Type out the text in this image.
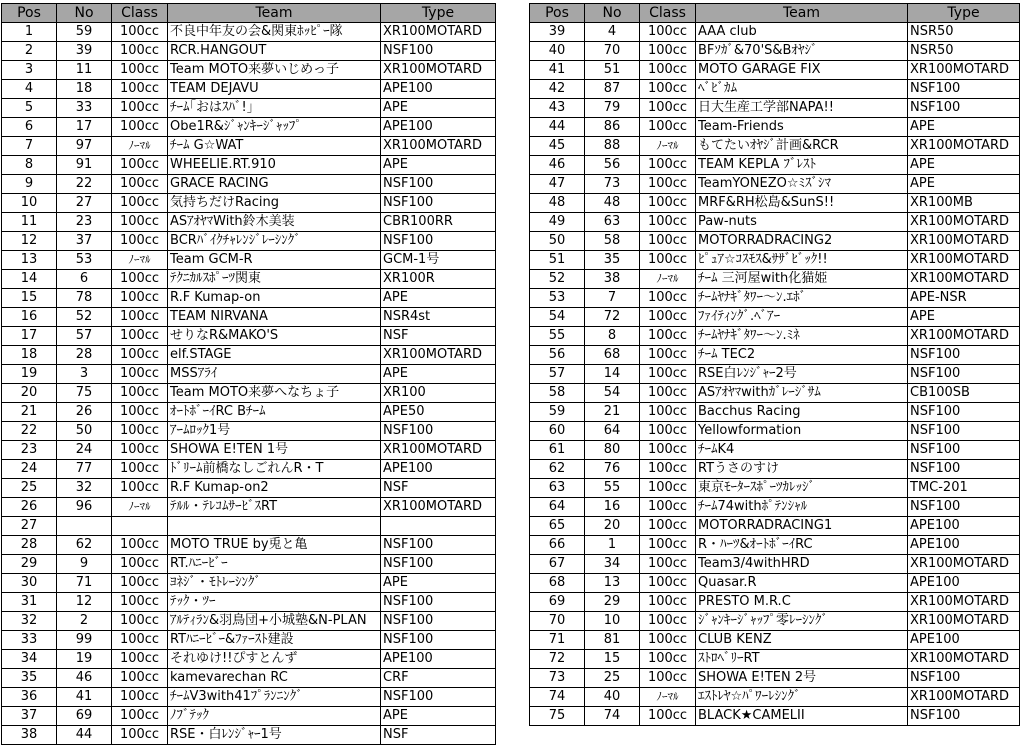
Pos	No	Class	Team	Type
1	59	100cc	不良中年友の会&関東ﾎｯﾋﾟｰ隊	XR100MOTARD
2	39	100cc	RCR.HANGOUT	NSF100
3	11	100cc	Team MOTO来夢いじめっ子	XR100MOTARD
4	18	100cc	TEAM DEJAVU	APE100
5	33	100cc	ﾁｰﾑ｢おはｽﾊﾞ!｣	APE
6	17	100cc	Obe1R&ｼﾞｬﾝｷｰｼﾞｬｯﾌﾟ	APE100
7	97	ﾉｰﾏﾙ	ﾁｰﾑ G☆WAT	XR100MOTARD
8	91	100cc	WHEELIE.RT.910	APE
9	22	100cc	GRACE RACING	NSF100
10	27	100cc	気持ちだけRacing	NSF100
11	23	100cc	ASｱｵﾔﾏWith鈴木美装	CBR100RR
12	37	100cc	BCRﾊﾞｲｸﾁｬﾚﾝｼﾞﾚｰｼﾝｸﾞ	NSF100
13	53	ﾉｰﾏﾙ	Team GCM-R	GCM-1号
14	6	100cc	ﾃｸﾆｶﾙｽﾎﾟｰﾂ関東	XR100R
15	78	100cc	R.F Kumap-on	APE
16	52	100cc	TEAM NIRVANA	NSR4st
17	57	100cc	せりなR&MAKO'S	NSF
18	28	100cc	elf.STAGE	XR100MOTARD
19	3	100cc	MSSｱﾗｲ	APE
20	75	100cc	Team MOTO来夢へなちょ子	XR100
21	26	100cc	ｵｰﾄﾎﾞｰｲRC Bﾁｰﾑ	APE50
22	50	100cc	ｱｰﾑﾛｯｸ1号	NSF100
23	24	100cc	SHOWA E!TEN 1号	XR100MOTARD
24	77	100cc	ﾄﾞﾘｰﾑ前橋なしごれんR・T	APE100
25	32	100cc	R.F Kumap-on2	NSF
26	96	ﾉｰﾏﾙ	ﾃﾙﾙ・ﾃﾚｺﾑｻｰﾋﾞｽRT	XR100MOTARD
27				
28	62	100cc	MOTO TRUE by兎と亀	NSF100
29	9	100cc	RT.ﾊﾆｰﾋﾞｰ	NSF100
30	71	100cc	ﾖﾈｼﾞ・ﾓﾄﾚｰｼﾝｸﾞ	APE
31	12	100cc	ﾃｯｸ・ﾂｰ	NSF100
32	2	100cc	ｱﾙﾃｨﾗﾝ&羽鳥団+小城塾&N-PLAN	NSF100
33	99	100cc	RTﾊﾆｰﾋﾞｰ&ﾌｧｰｽﾄ建設	NSF100
34	19	100cc	それゆけ!!ぴすとんず	APE100
35	46	100cc	kamevarechan RC	CRF
36	41	100cc	ﾁｰﾑV3with41ﾌﾟﾗﾝﾆﾝｸﾞ	NSF100
37	69	100cc	ﾉﾌﾞﾃｯｸ	APE
38	44	100cc	RSE・白ﾚﾝｼﾞｬｰ1号	NSF
Pos	No	Class	Team	Type
39	4	100cc	AAA club	NSR50
40	70	100cc	BFｿｶﾞ&70'S&Bｵﾔｼﾞ	NSR50
41	51	100cc	MOTO GARAGE FIX	XR100MOTARD
42	87	100cc	ﾍﾞﾋﾞｶﾑ	NSF100
43	79	100cc	日大生産工学部NAPA!!	NSF100
44	86	100cc	Team-Friends	APE
45	88	ﾉｰﾏﾙ	もてたいｵﾔｼﾞ計画&RCR	XR100MOTARD
46	56	100cc	TEAM KEPLA ﾌﾞﾚｽﾄ	APE
47	73	100cc	TeamYONEZO☆ﾐｽﾞｼﾏ	APE
48	48	100cc	MRF&RH松島&SunS!!	XR100MB
49	63	100cc	Paw-nuts	XR100MOTARD
50	58	100cc	MOTORRADRACING2	XR100MOTARD
51	35	100cc	ﾋﾟｭｱ☆ｺｽﾓｽ&ｻｻﾞﾋﾞｯｸ!!	XR100MOTARD
52	38	ﾉｰﾏﾙ	ﾁｰﾑ 三河屋with化猫姫	XR100MOTARD
53	7	100cc	ﾁｰﾑﾔﾅｷﾞﾀﾜｰ～ﾝ.ｴﾎﾞ	APE-NSR
54	72	100cc	ﾌｧｲﾃｨﾝｸﾞ.ﾍﾞｱｰ	APE
55	8	100cc	ﾁｰﾑﾔﾅｷﾞﾀﾜｰ～ﾝ.ﾐﾈ	XR100MOTARD
56	68	100cc	ﾁｰﾑ TEC2	NSF100
57	14	100cc	RSE白ﾚﾝｼﾞｬｰ2号	NSF100
58	54	100cc	ASｱｵﾔﾏwithｶﾞﾚｰｼﾞｻﾑ	CB100SB
59	21	100cc	Bacchus Racing	NSF100
60	64	100cc	Yellowformation	NSF100
61	80	100cc	ﾁｰﾑK4	NSF100
62	76	100cc	RTうさのすけ	NSF100
63	55	100cc	東京ﾓｰﾀｰｽﾎﾟｰﾂｶﾚｯｼﾞ	TMC-201
64	16	100cc	ﾁｰﾑ74withﾎﾟﾃﾝｼｬﾙ	NSF100
65	20	100cc	MOTORRADRACING1	APE100
66	1	100cc	R・ﾊｰﾂ&ｵｰﾄﾎﾞｰｲRC	APE100
67	34	100cc	Team3/4withHRD	XR100MOTARD
68	13	100cc	Quasar.R	APE100
69	29	100cc	PRESTO M.R.C	XR100MOTARD
70	10	100cc	ｼﾞｬﾝｷｰｼﾞｬｯﾌﾟ零ﾚｰｼﾝｸﾞ	XR100MOTARD
71	81	100cc	CLUB KENZ	APE100
72	15	100cc	ｽﾄﾛﾍﾞﾘｰRT	XR100MOTARD
73	25	100cc	SHOWA E!TEN 2号	NSF100
74	40	ﾉｰﾏﾙ	ｴｽﾄﾚﾔ☆ﾊﾟﾜｰﾚｼﾝｸﾞ	XR100MOTARD
75	74	100cc	BLACK★CAMELII	NSF100
